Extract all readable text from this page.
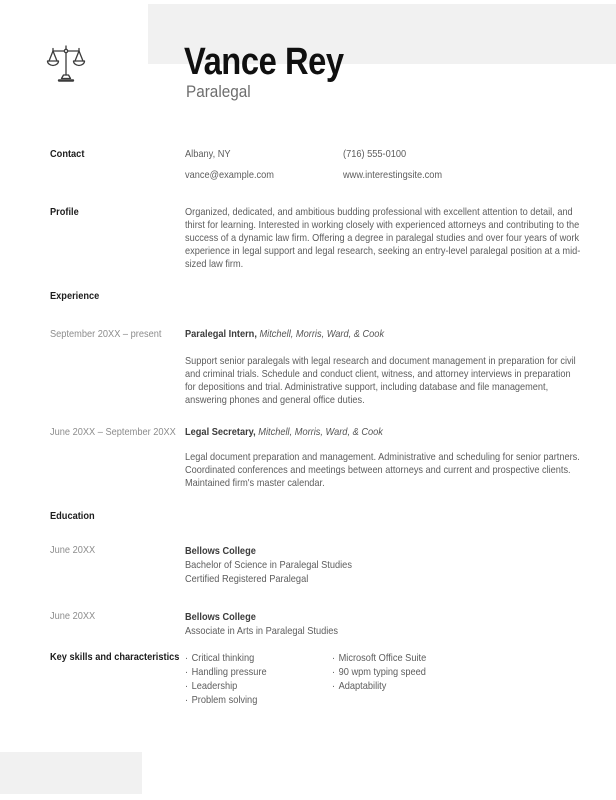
Vance Rey
Paralegal
Contact	Albany, NY	(716) 555-0100
vance@example.com	www.interestingsite.com
Profile	Organized, dedicated, and ambitious budding professional with excellent attention to detail, and thirst for learning. Interested in working closely with experienced attorneys and contributing to the success of a dynamic law firm. Offering a degree in paralegal studies and over four years of work experience in legal support and legal research, seeking an entry-level paralegal position at a mid-sized law firm.

Experience
September 20XX – present	Paralegal Intern, Mitchell, Morris, Ward, & Cook

Support senior paralegals with legal research and document management in preparation for civil and criminal trials. Schedule and conduct client, witness, and attorney interviews in preparation for depositions and trial. Administrative support, including database and file management, answering phones and general office duties.

June 20XX – September 20XX Legal Secretary, Mitchell, Morris, Ward, & Cook

Legal document preparation and management. Administrative and scheduling for senior partners. Coordinated conferences and meetings between attorneys and current and prospective clients. Maintained firm's master calendar.

Education
June 20XX	Bellows College
Bachelor of Science in Paralegal Studies
Certified Registered Paralegal
June 20XX	Bellows College
Associate in Arts in Paralegal Studies
Key skills and characteristics · Critical thinking
· Handling pressure
· Leadership
· Problem solving
· Microsoft Office Suite
· 90 wpm typing speed
· Adaptability
